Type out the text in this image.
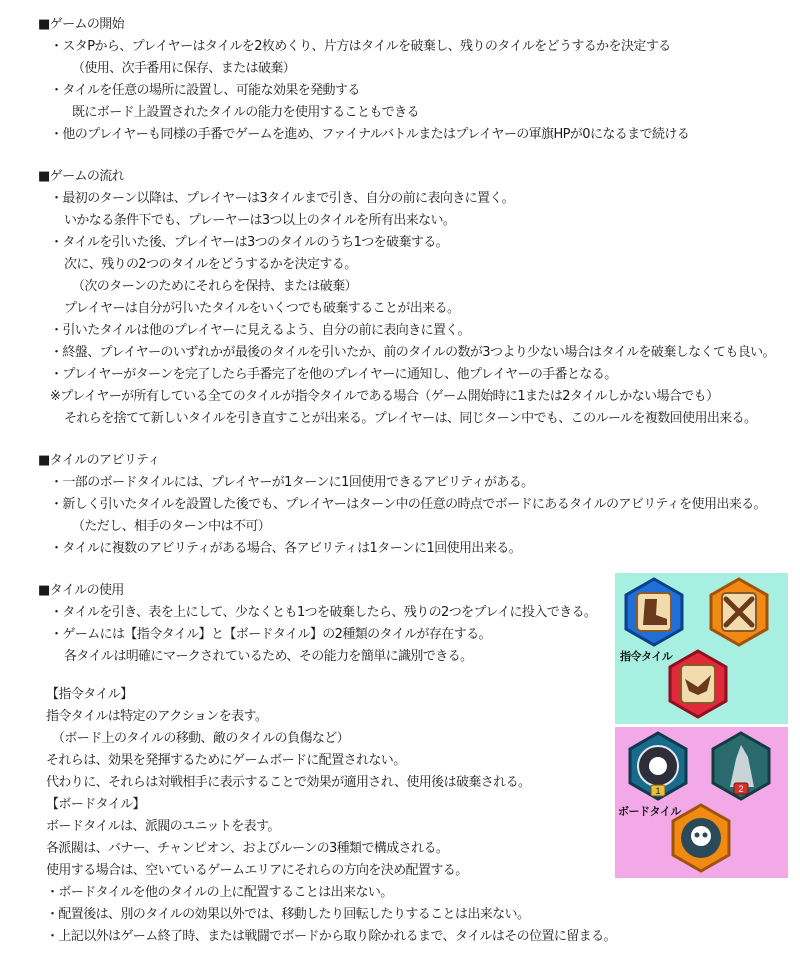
■ゲームの開始
・スタPから、プレイヤーはタイルを2枚めくり、片方はタイルを破棄し、残りのタイルをどうするかを決定する
（使用、次手番用に保存、または破棄）
・タイルを任意の場所に設置し、可能な効果を発動する
既にボード上設置されたタイルの能力を使用することもできる
・他のプレイヤーも同様の手番でゲームを進め、ファイナルバトルまたはプレイヤーの軍旗HPが0になるまで続ける
■ゲームの流れ
・最初のターン以降は、プレイヤーは3タイルまで引き、自分の前に表向きに置く。
いかなる条件下でも、プレーヤーは3つ以上のタイルを所有出来ない。
・タイルを引いた後、プレイヤーは3つのタイルのうち1つを破棄する。
次に、残りの2つのタイルをどうするかを決定する。
（次のターンのためにそれらを保持、または破棄）
プレイヤーは自分が引いたタイルをいくつでも破棄することが出来る。
・引いたタイルは他のプレイヤーに見えるよう、自分の前に表向きに置く。
・終盤、プレイヤーのいずれかが最後のタイルを引いたか、前のタイルの数が3つより少ない場合はタイルを破棄しなくても良い。
・プレイヤーがターンを完了したら手番完了を他のプレイヤーに通知し、他プレイヤーの手番となる。
※プレイヤーが所有している全てのタイルが指令タイルである場合（ゲーム開始時に1または2タイルしかない場合でも）
それらを捨てて新しいタイルを引き直すことが出来る。プレイヤーは、同じターン中でも、このルールを複数回使用出来る。
■タイルのアビリティ
・一部のボードタイルには、プレイヤーが1ターンに1回使用できるアビリティがある。
・新しく引いたタイルを設置した後でも、プレイヤーはターン中の任意の時点でボードにあるタイルのアビリティを使用出来る。
（ただし、相手のターン中は不可）
・タイルに複数のアビリティがある場合、各アビリティは1ターンに1回使用出来る。
■タイルの使用
・タイルを引き、表を上にして、少なくとも1つを破棄したら、残りの2つをプレイに投入できる。
・ゲームには【指令タイル】と【ボードタイル】の2種類のタイルが存在する。
各タイルは明確にマークされているため、その能力を簡単に識別できる。
【指令タイル】
指令タイルは特定のアクションを表す。
（ボード上のタイルの移動、敵のタイルの負傷など）
それらは、効果を発揮するためにゲームボードに配置されない。
代わりに、それらは対戦相手に表示することで効果が適用され、使用後は破棄される。
【ボードタイル】
ボードタイルは、派閥のユニットを表す。
各派閥は、バナー、チャンピオン、およびルーンの3種類で構成される。
使用する場合は、空いているゲームエリアにそれらの方向を決め配置する。
・ボードタイルを他のタイルの上に配置することは出来ない。
・配置後は、別のタイルの効果以外では、移動したり回転したりすることは出来ない。
・上記以外はゲーム終了時、または戦闘でボードから取り除かれるまで、タイルはその位置に留まる。
指令タイル
1	2
ボードタイル
